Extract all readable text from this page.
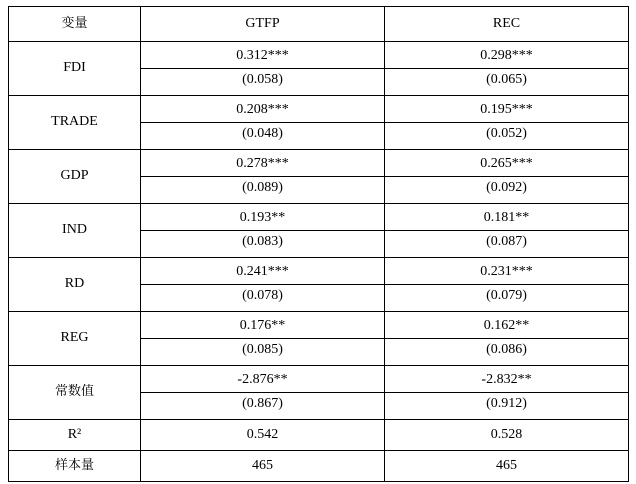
变量	GTFP	REC
FDI	0.312***	0.298***
	(0.058)	(0.065)
TRADE	0.208***	0.195***
	(0.048)	(0.052)
GDP	0.278***	0.265***
	(0.089)	(0.092)
IND	0.193**	0.181**
	(0.083)	(0.087)
RD	0.241***	0.231***
	(0.078)	(0.079)
REG	0.176**	0.162**
	(0.085)	(0.086)
常数值	-2.876**	-2.832**
	(0.867)	(0.912)
R²	0.542	0.528
样本量	465	465
